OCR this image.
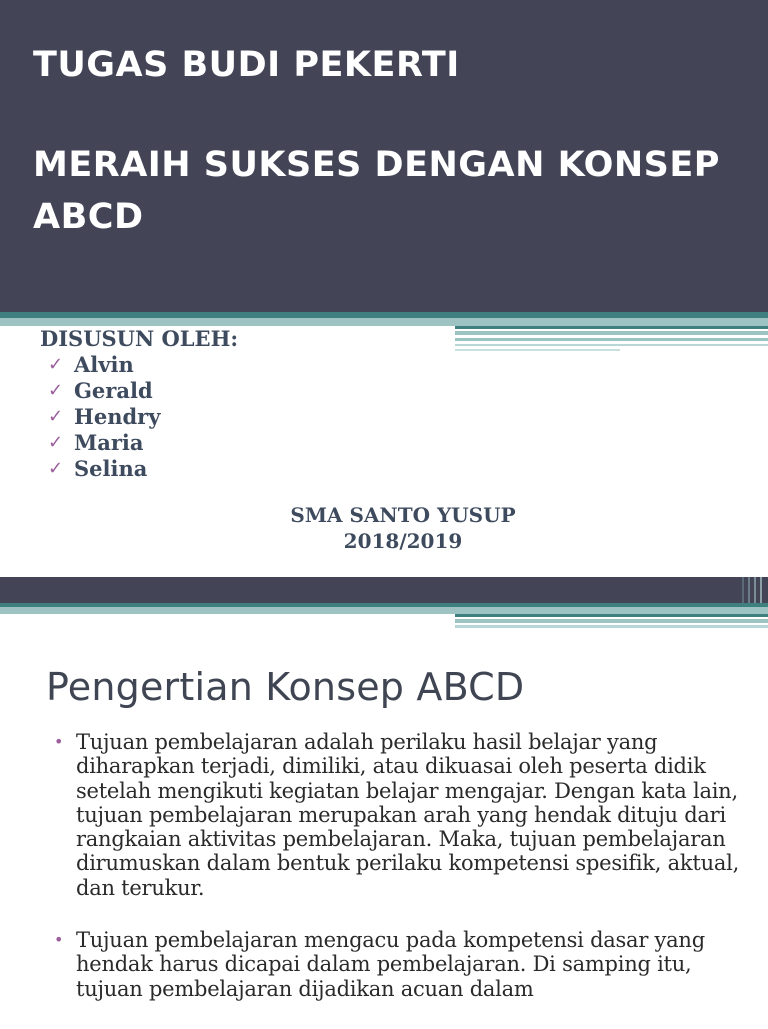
TUGAS BUDI PEKERTI
MERAIH SUKSES DENGAN KONSEP ABCD

DISUSUN OLEH:

✓ Alvin
✓ Gerald
✓ Hendry
✓ Maria
✓ Selina
SMA SANTO YUSUP
2018/2019
Pengertian Konsep ABCD
• Tujuan pembelajaran adalah perilaku hasil belajar yang diharapkan terjadi, dimiliki, atau dikuasai oleh peserta didik setelah mengikuti kegiatan belajar mengajar. Dengan kata lain, tujuan pembelajaran merupakan arah yang hendak dituju dari rangkaian aktivitas pembelajaran. Maka, tujuan pembelajaran dirumuskan dalam bentuk perilaku kompetensi spesifik, aktual, dan terukur.
• Tujuan pembelajaran mengacu pada kompetensi dasar yang hendak harus dicapai dalam pembelajaran. Di samping itu, tujuan pembelajaran dijadikan acuan dalam
